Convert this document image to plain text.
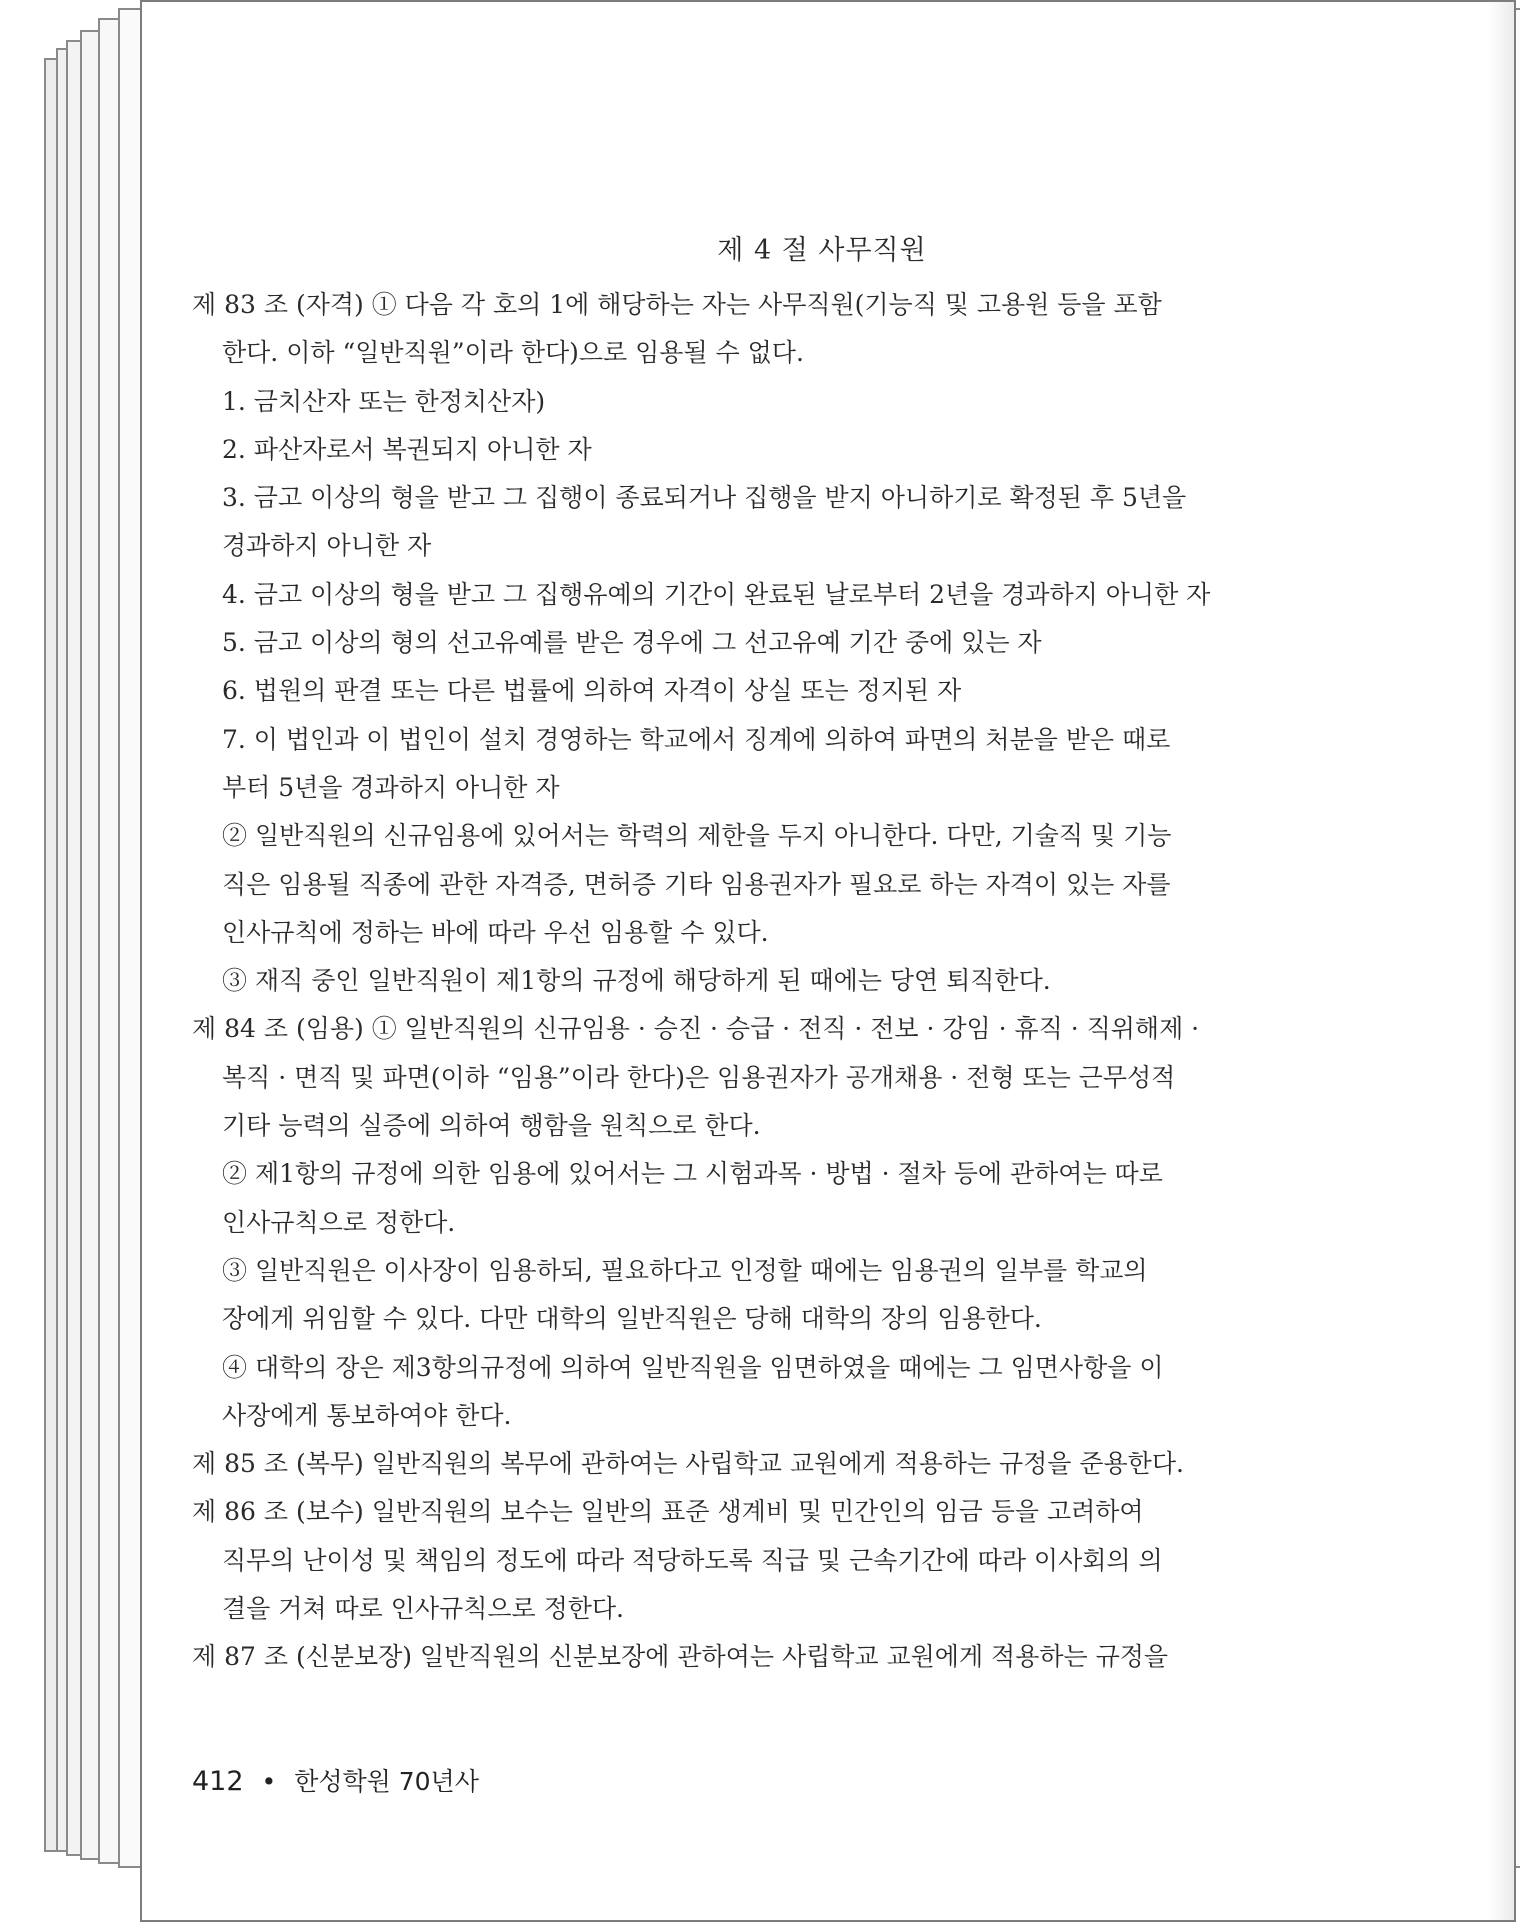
제 4 절 사무직원
제 83 조 (자격) ① 다음 각 호의 1에 해당하는 자는 사무직원(기능직 및 고용원 등을 포함
한다. 이하 “일반직원”이라 한다)으로 임용될 수 없다.
1. 금치산자 또는 한정치산자)
2. 파산자로서 복권되지 아니한 자
3. 금고 이상의 형을 받고 그 집행이 종료되거나 집행을 받지 아니하기로 확정된 후 5년을
경과하지 아니한 자
4. 금고 이상의 형을 받고 그 집행유예의 기간이 완료된 날로부터 2년을 경과하지 아니한 자
5. 금고 이상의 형의 선고유예를 받은 경우에 그 선고유예 기간 중에 있는 자
6. 법원의 판결 또는 다른 법률에 의하여 자격이 상실 또는 정지된 자
7. 이 법인과 이 법인이 설치 경영하는 학교에서 징계에 의하여 파면의 처분을 받은 때로
부터 5년을 경과하지 아니한 자
② 일반직원의 신규임용에 있어서는 학력의 제한을 두지 아니한다. 다만, 기술직 및 기능
직은 임용될 직종에 관한 자격증, 면허증 기타 임용권자가 필요로 하는 자격이 있는 자를
인사규칙에 정하는 바에 따라 우선 임용할 수 있다.
③ 재직 중인 일반직원이 제1항의 규정에 해당하게 된 때에는 당연 퇴직한다.
제 84 조 (임용) ① 일반직원의 신규임용 · 승진 · 승급 · 전직 · 전보 · 강임 · 휴직 · 직위해제 ·
복직 · 면직 및 파면(이하 “임용”이라 한다)은 임용권자가 공개채용 · 전형 또는 근무성적
기타 능력의 실증에 의하여 행함을 원칙으로 한다.
② 제1항의 규정에 의한 임용에 있어서는 그 시험과목 · 방법 · 절차 등에 관하여는 따로
인사규칙으로 정한다.
③ 일반직원은 이사장이 임용하되, 필요하다고 인정할 때에는 임용권의 일부를 학교의
장에게 위임할 수 있다. 다만 대학의 일반직원은 당해 대학의 장의 임용한다.
④ 대학의 장은 제3항의규정에 의하여 일반직원을 임면하였을 때에는 그 임면사항을 이
사장에게 통보하여야 한다.
제 85 조 (복무) 일반직원의 복무에 관하여는 사립학교 교원에게 적용하는 규정을 준용한다.
제 86 조 (보수) 일반직원의 보수는 일반의 표준 생계비 및 민간인의 임금 등을 고려하여
직무의 난이성 및 책임의 정도에 따라 적당하도록 직급 및 근속기간에 따라 이사회의 의
결을 거쳐 따로 인사규칙으로 정한다.
제 87 조 (신분보장) 일반직원의 신분보장에 관하여는 사립학교 교원에게 적용하는 규정을
412 • 한성학원 70년사
